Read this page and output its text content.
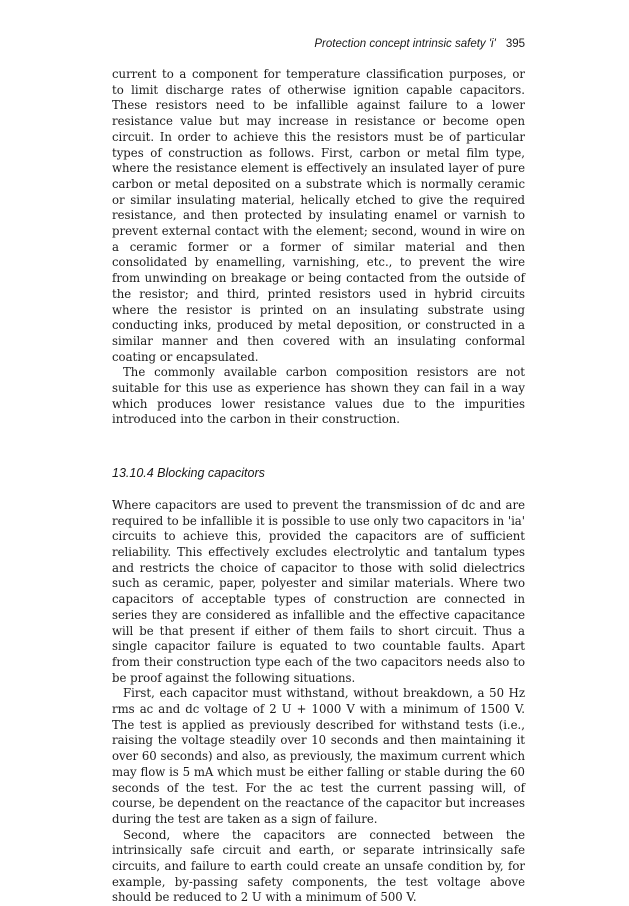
Protection concept intrinsic safety 'i' 395

current to a component for temperature classification purposes, or to limit discharge rates of otherwise ignition capable capacitors. These resistors need to be infallible against failure to a lower resistance value but may increase in resistance or become open circuit. In order to achieve this the resistors must be of particular types of construction as follows. First, carbon or metal film type, where the resistance element is effectively an insulated layer of pure carbon or metal deposited on a substrate which is normally ceramic or similar insulating material, helically etched to give the required resistance, and then protected by insulating enamel or varnish to prevent external contact with the element; second, wound in wire on a ceramic former or a former of similar material and then consolidated by enamelling, varnishing, etc., to prevent the wire from unwinding on breakage or being contacted from the outside of the resistor; and third, printed resistors used in hybrid circuits where the resistor is printed on an insulating substrate using conducting inks, produced by metal deposition, or constructed in a similar manner and then covered with an insulating conformal coating or encapsulated.

The commonly available carbon composition resistors are not suitable for this use as experience has shown they can fail in a way which produces lower resistance values due to the impurities introduced into the carbon in their construction.

13.10.4 Blocking capacitors

Where capacitors are used to prevent the transmission of dc and are required to be infallible it is possible to use only two capacitors in 'ia' circuits to achieve this, provided the capacitors are of sufficient reliability. This effectively excludes electrolytic and tantalum types and restricts the choice of capacitor to those with solid dielectrics such as ceramic, paper, polyester and similar materials. Where two capacitors of acceptable types of construction are connected in series they are considered as infallible and the effective capacitance will be that present if either of them fails to short circuit. Thus a single capacitor failure is equated to two countable faults. Apart from their construction type each of the two capacitors needs also to be proof against the following situations.

First, each capacitor must withstand, without breakdown, a 50 Hz rms ac and dc voltage of 2 U + 1000 V with a minimum of 1500 V. The test is applied as previously described for withstand tests (i.e., raising the voltage steadily over 10 seconds and then maintaining it over 60 seconds) and also, as previously, the maximum current which may flow is 5 mA which must be either falling or stable during the 60 seconds of the test. For the ac test the current passing will, of course, be dependent on the reactance of the capacitor but increases during the test are taken as a sign of failure.

Second, where the capacitors are connected between the intrinsically safe circuit and earth, or separate intrinsically safe circuits, and failure to earth could create an unsafe condition by, for example, by-passing safety components, the test voltage above should be reduced to 2 U with a minimum of 500 V.
